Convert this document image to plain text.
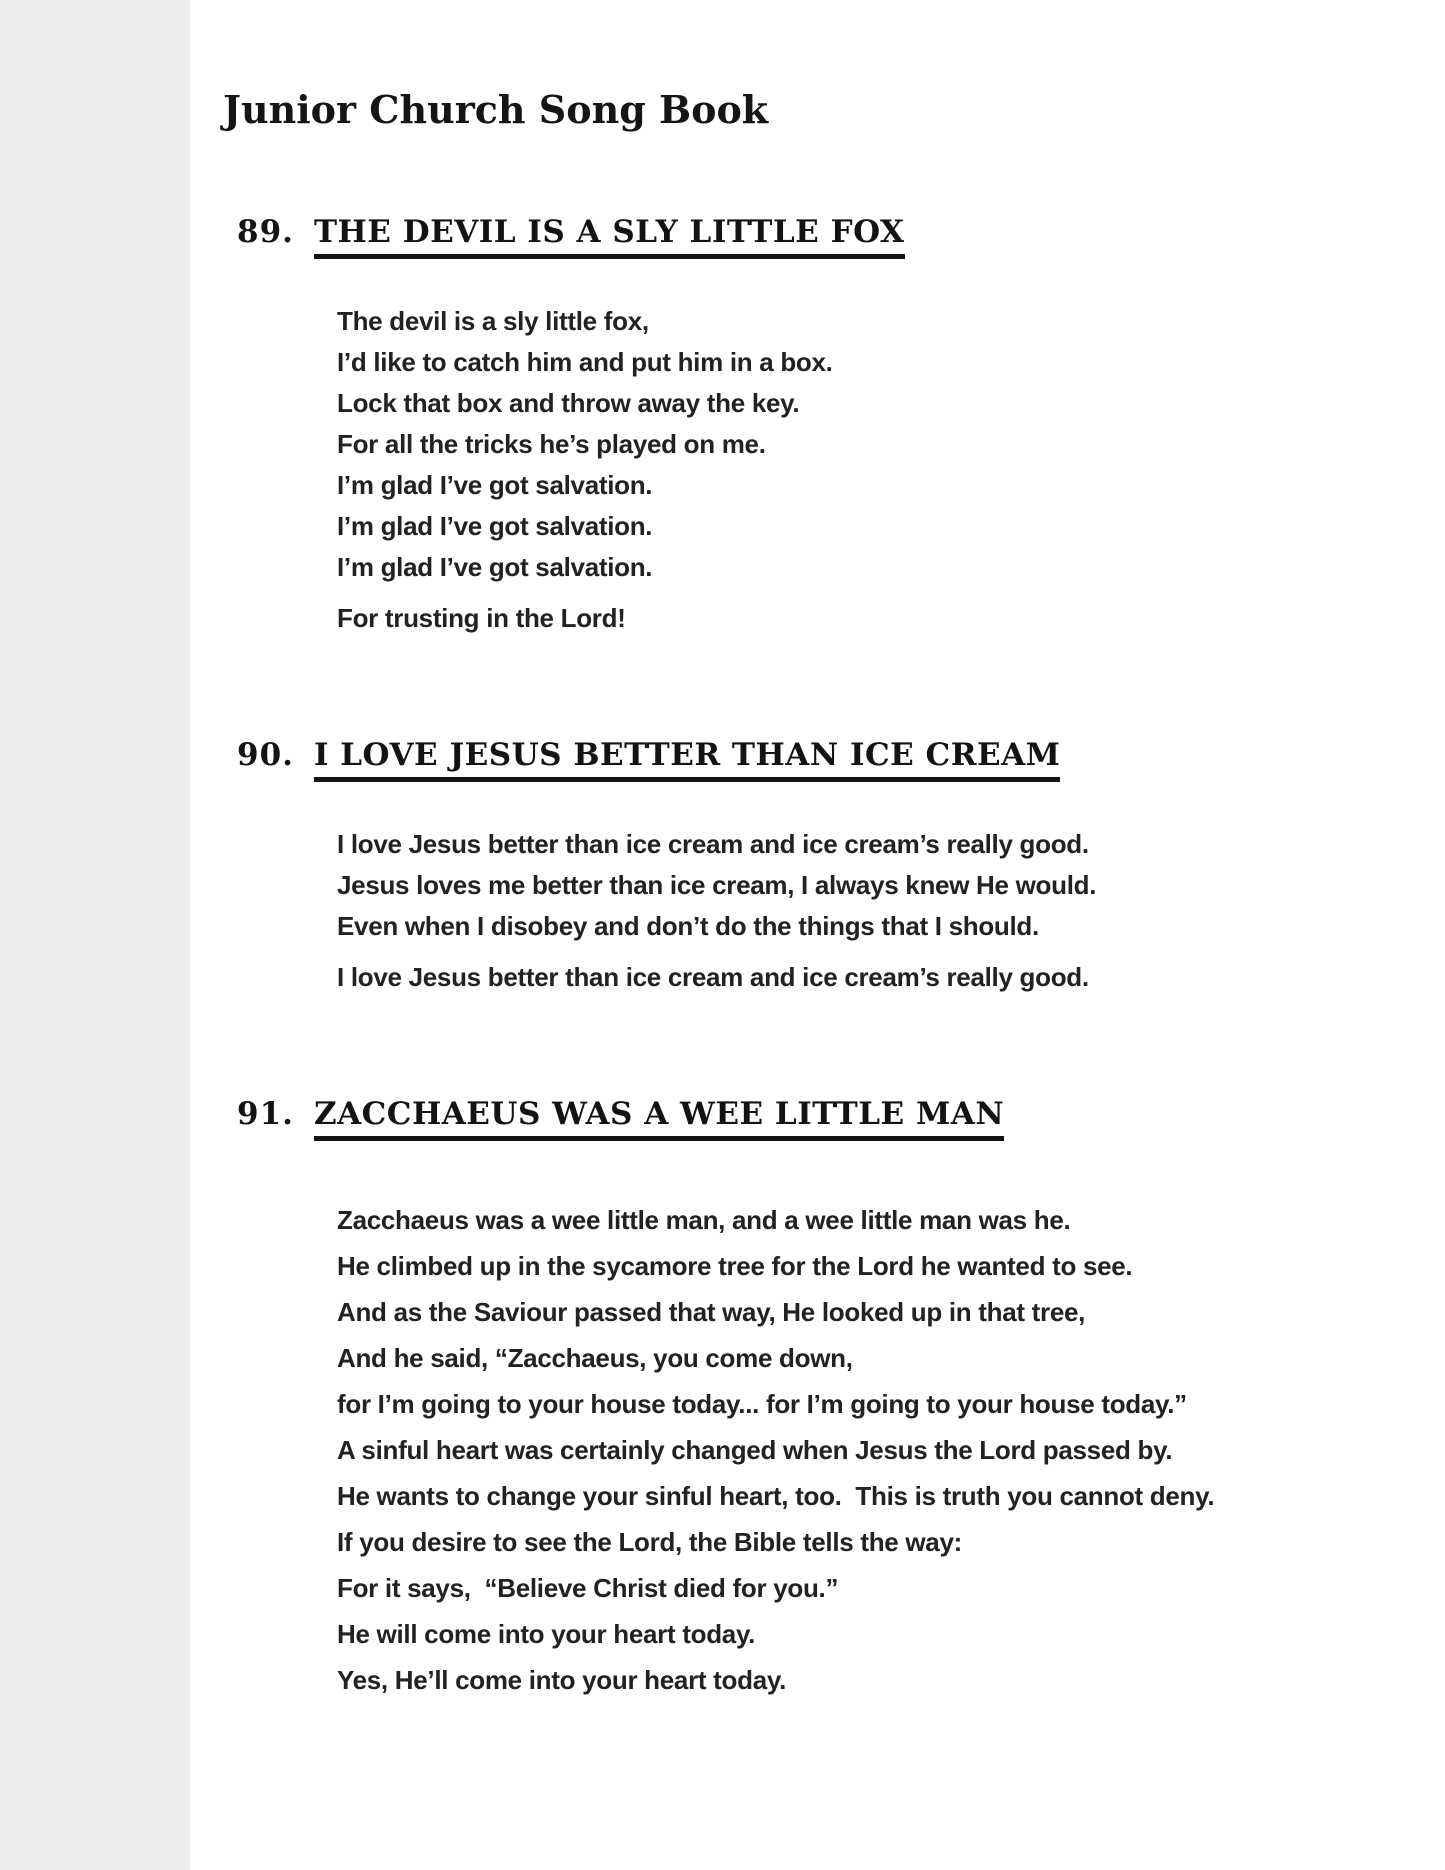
Junior Church Song Book
89. THE DEVIL IS A SLY LITTLE FOX
The devil is a sly little fox,
I’d like to catch him and put him in a box.
Lock that box and throw away the key.
For all the tricks he’s played on me.
I’m glad I’ve got salvation.
I’m glad I’ve got salvation.
I’m glad I’ve got salvation.
For trusting in the Lord!
90. I LOVE JESUS BETTER THAN ICE CREAM
I love Jesus better than ice cream and ice cream’s really good.
Jesus loves me better than ice cream, I always knew He would.
Even when I disobey and don’t do the things that I should.
I love Jesus better than ice cream and ice cream’s really good.
91. ZACCHAEUS WAS A WEE LITTLE MAN
Zacchaeus was a wee little man, and a wee little man was he.
He climbed up in the sycamore tree for the Lord he wanted to see.
And as the Saviour passed that way, He looked up in that tree,
And he said, “Zacchaeus, you come down,
for I’m going to your house today... for I’m going to your house today.”
A sinful heart was certainly changed when Jesus the Lord passed by.
He wants to change your sinful heart, too.  This is truth you cannot deny.
If you desire to see the Lord, the Bible tells the way:
For it says,  “Believe Christ died for you.”
He will come into your heart today.
Yes, He’ll come into your heart today.
